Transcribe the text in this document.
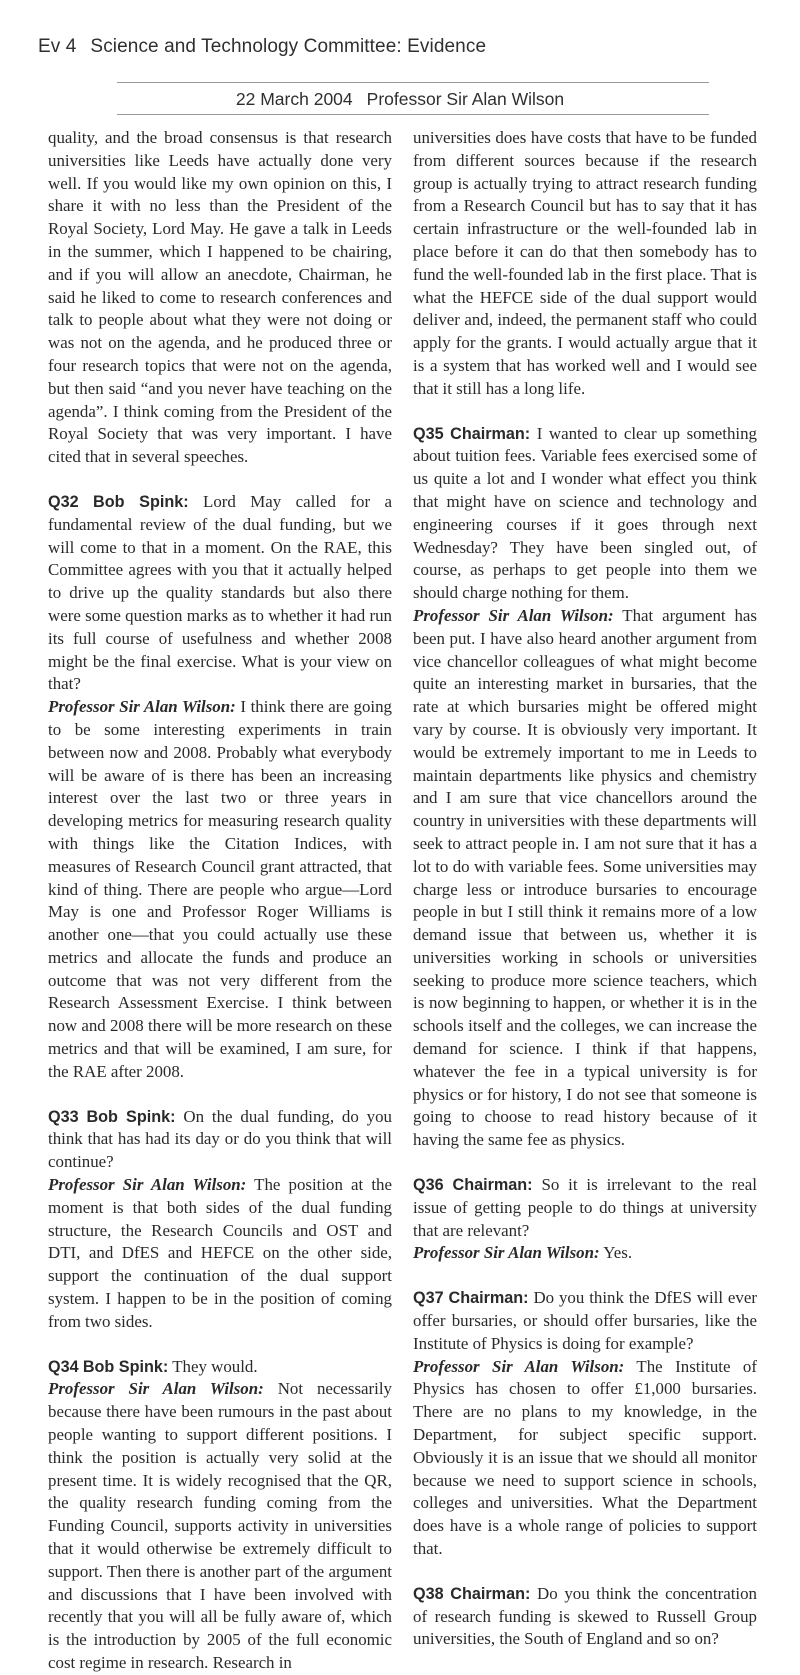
Ev 4 Science and Technology Committee: Evidence
22 March 2004 Professor Sir Alan Wilson

quality, and the broad consensus is that research universities like Leeds have actually done very well. If you would like my own opinion on this, I share it with no less than the President of the Royal Society, Lord May. He gave a talk in Leeds in the summer, which I happened to be chairing, and if you will allow an anecdote, Chairman, he said he liked to come to research conferences and talk to people about what they were not doing or was not on the agenda, and he produced three or four research topics that were not on the agenda, but then said “and you never have teaching on the agenda”. I think coming from the President of the Royal Society that was very important. I have cited that in several speeches.

Q32 Bob Spink: Lord May called for a fundamental review of the dual funding, but we will come to that in a moment. On the RAE, this Committee agrees with you that it actually helped to drive up the quality standards but also there were some question marks as to whether it had run its full course of usefulness and whether 2008 might be the final exercise. What is your view on that?

Professor Sir Alan Wilson: I think there are going to be some interesting experiments in train between now and 2008. Probably what everybody will be aware of is there has been an increasing interest over the last two or three years in developing metrics for measuring research quality with things like the Citation Indices, with measures of Research Council grant attracted, that kind of thing. There are people who argue—Lord May is one and Professor Roger Williams is another one—that you could actually use these metrics and allocate the funds and produce an outcome that was not very different from the Research Assessment Exercise. I think between now and 2008 there will be more research on these metrics and that will be examined, I am sure, for the RAE after 2008.

Q33 Bob Spink: On the dual funding, do you think that has had its day or do you think that will continue?

Professor Sir Alan Wilson: The position at the moment is that both sides of the dual funding structure, the Research Councils and OST and DTI, and DfES and HEFCE on the other side, support the continuation of the dual support system. I happen to be in the position of coming from two sides.

Q34 Bob Spink: They would.

Professor Sir Alan Wilson: Not necessarily because there have been rumours in the past about people wanting to support different positions. I think the position is actually very solid at the present time. It is widely recognised that the QR, the quality research funding coming from the Funding Council, supports activity in universities that it would otherwise be extremely difficult to support. Then there is another part of the argument and discussions that I have been involved with recently that you will all be fully aware of, which is the introduction by 2005 of the full economic cost regime in research. Research in

universities does have costs that have to be funded from different sources because if the research group is actually trying to attract research funding from a Research Council but has to say that it has certain infrastructure or the well-founded lab in place before it can do that then somebody has to fund the well-founded lab in the first place. That is what the HEFCE side of the dual support would deliver and, indeed, the permanent staff who could apply for the grants. I would actually argue that it is a system that has worked well and I would see that it still has a long life.

Q35 Chairman: I wanted to clear up something about tuition fees. Variable fees exercised some of us quite a lot and I wonder what effect you think that might have on science and technology and engineering courses if it goes through next Wednesday? They have been singled out, of course, as perhaps to get people into them we should charge nothing for them.

Professor Sir Alan Wilson: That argument has been put. I have also heard another argument from vice chancellor colleagues of what might become quite an interesting market in bursaries, that the rate at which bursaries might be offered might vary by course. It is obviously very important. It would be extremely important to me in Leeds to maintain departments like physics and chemistry and I am sure that vice chancellors around the country in universities with these departments will seek to attract people in. I am not sure that it has a lot to do with variable fees. Some universities may charge less or introduce bursaries to encourage people in but I still think it remains more of a low demand issue that between us, whether it is universities working in schools or universities seeking to produce more science teachers, which is now beginning to happen, or whether it is in the schools itself and the colleges, we can increase the demand for science. I think if that happens, whatever the fee in a typical university is for physics or for history, I do not see that someone is going to choose to read history because of it having the same fee as physics.

Q36 Chairman: So it is irrelevant to the real issue of getting people to do things at university that are relevant?

Professor Sir Alan Wilson: Yes.

Q37 Chairman: Do you think the DfES will ever offer bursaries, or should offer bursaries, like the Institute of Physics is doing for example?

Professor Sir Alan Wilson: The Institute of Physics has chosen to offer £1,000 bursaries. There are no plans to my knowledge, in the Department, for subject specific support. Obviously it is an issue that we should all monitor because we need to support science in schools, colleges and universities. What the Department does have is a whole range of policies to support that.

Q38 Chairman: Do you think the concentration of research funding is skewed to Russell Group universities, the South of England and so on?
